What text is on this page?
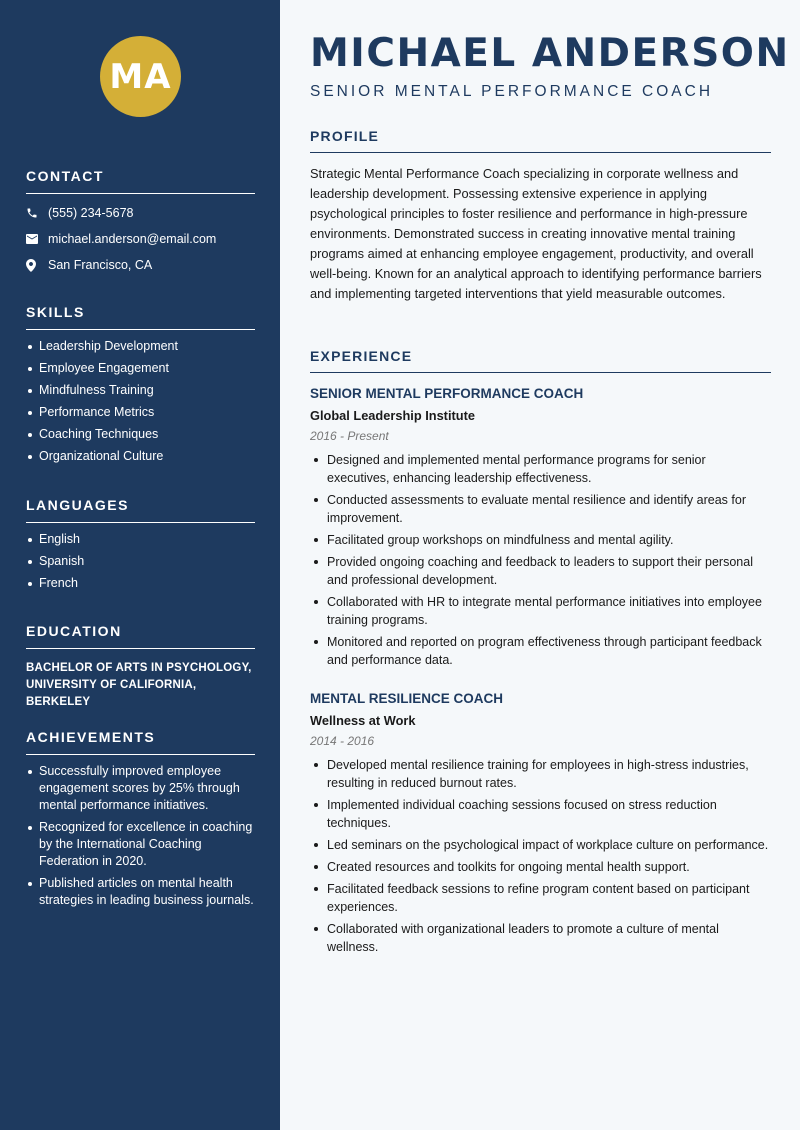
MA
CONTACT
(555) 234-5678
michael.anderson@email.com
San Francisco, CA
SKILLS
Leadership Development
Employee Engagement
Mindfulness Training
Performance Metrics
Coaching Techniques
Organizational Culture
LANGUAGES
English
Spanish
French
EDUCATION

BACHELOR OF ARTS IN PSYCHOLOGY, UNIVERSITY OF CALIFORNIA, BERKELEY

ACHIEVEMENTS
Successfully improved employee engagement scores by 25% through mental performance initiatives.
Recognized for excellence in coaching by the International Coaching Federation in 2020.
Published articles on mental health strategies in leading business journals.
MICHAEL ANDERSON
SENIOR MENTAL PERFORMANCE COACH
PROFILE

Strategic Mental Performance Coach specializing in corporate wellness and leadership development. Possessing extensive experience in applying psychological principles to foster resilience and performance in high-pressure environments. Demonstrated success in creating innovative mental training programs aimed at enhancing employee engagement, productivity, and overall well-being. Known for an analytical approach to identifying performance barriers and implementing targeted interventions that yield measurable outcomes.

EXPERIENCE
SENIOR MENTAL PERFORMANCE COACH
Global Leadership Institute
2016 - Present
Designed and implemented mental performance programs for senior executives, enhancing leadership effectiveness.
Conducted assessments to evaluate mental resilience and identify areas for improvement.
Facilitated group workshops on mindfulness and mental agility.
Provided ongoing coaching and feedback to leaders to support their personal and professional development.
Collaborated with HR to integrate mental performance initiatives into employee training programs.
Monitored and reported on program effectiveness through participant feedback and performance data.
MENTAL RESILIENCE COACH
Wellness at Work
2014 - 2016
Developed mental resilience training for employees in high-stress industries, resulting in reduced burnout rates.
Implemented individual coaching sessions focused on stress reduction techniques.
Led seminars on the psychological impact of workplace culture on performance.
Created resources and toolkits for ongoing mental health support.
Facilitated feedback sessions to refine program content based on participant experiences.
Collaborated with organizational leaders to promote a culture of mental wellness.
